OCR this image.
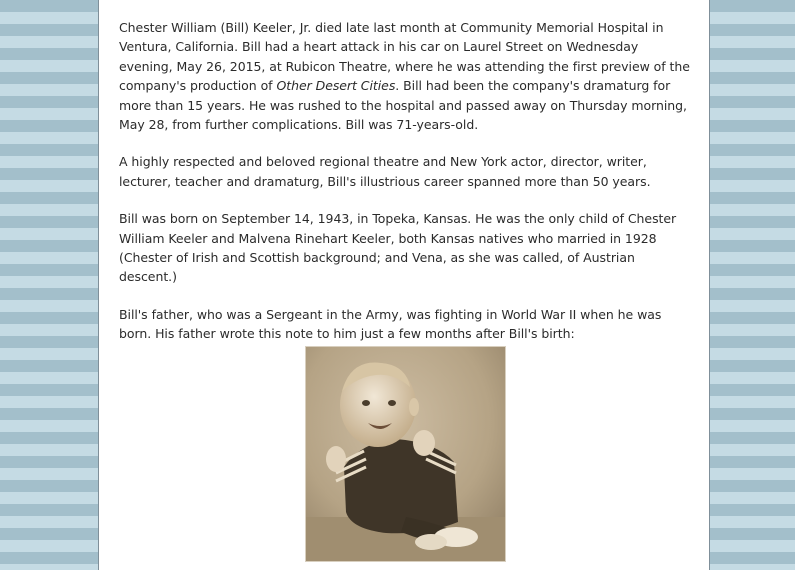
Chester William (Bill) Keeler, Jr. died late last month at Community Memorial Hospital in Ventura, California. Bill had a heart attack in his car on Laurel Street on Wednesday evening, May 26, 2015, at Rubicon Theatre, where he was attending the first preview of the company's production of Other Desert Cities. Bill had been the company's dramaturg for more than 15 years. He was rushed to the hospital and passed away on Thursday morning, May 28, from further complications. Bill was 71-years-old.

A highly respected and beloved regional theatre and New York actor, director, writer, lecturer, teacher and dramaturg, Bill's illustrious career spanned more than 50 years.

Bill was born on September 14, 1943, in Topeka, Kansas. He was the only child of Chester William Keeler and Malvena Rinehart Keeler, both Kansas natives who married in 1928 (Chester of Irish and Scottish background; and Vena, as she was called, of Austrian descent.)

Bill's father, who was a Sergeant in the Army, was fighting in World War II when he was born. His father wrote this note to him just a few months after Bill's birth:
